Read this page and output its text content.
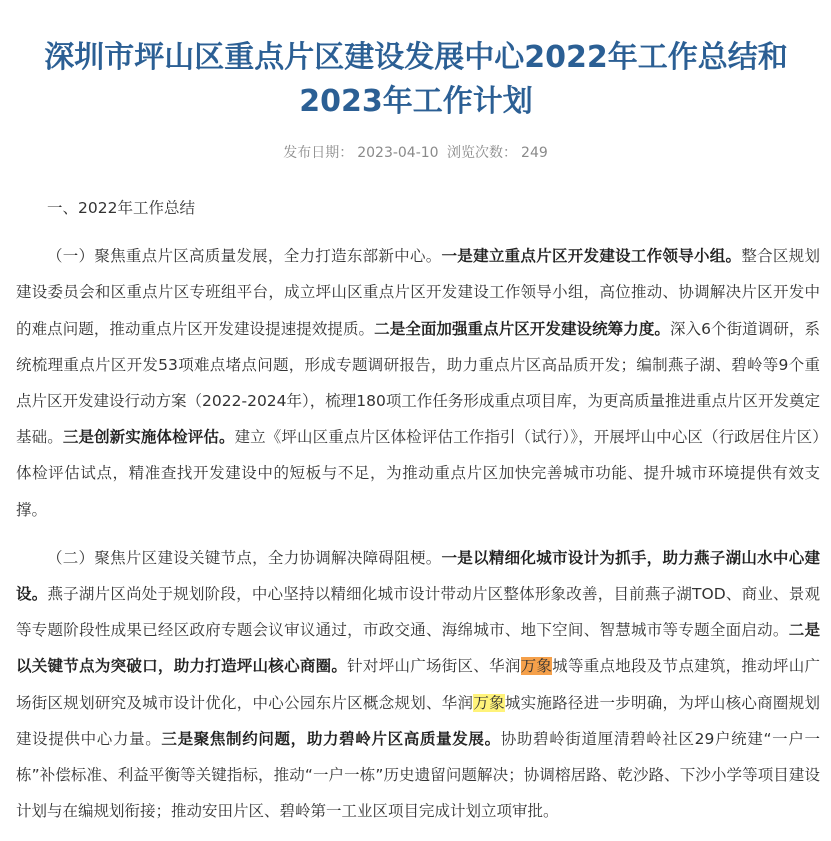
深圳市坪山区重点片区建设发展中心2022年工作总结和2023年工作计划
发布日期： 2023-04-10 浏览次数： 249

一、2022年工作总结

（一）聚焦重点片区高质量发展，全力打造东部新中心。一是建立重点片区开发建设工作领导小组。整合区规划建设委员会和区重点片区专班组平台，成立坪山区重点片区开发建设工作领导小组，高位推动、协调解决片区开发中的难点问题，推动重点片区开发建设提速提效提质。二是全面加强重点片区开发建设统筹力度。深入6个街道调研，系统梳理重点片区开发53项难点堵点问题，形成专题调研报告，助力重点片区高品质开发；编制燕子湖、碧岭等9个重点片区开发建设行动方案（2022-2024年），梳理180项工作任务形成重点项目库，为更高质量推进重点片区开发奠定基础。三是创新实施体检评估。建立《坪山区重点片区体检评估工作指引（试行）》，开展坪山中心区（行政居住片区）体检评估试点，精准查找开发建设中的短板与不足，为推动重点片区加快完善城市功能、提升城市环境提供有效支撑。

（二）聚焦片区建设关键节点，全力协调解决障碍阻梗。一是以精细化城市设计为抓手，助力燕子湖山水中心建设。燕子湖片区尚处于规划阶段，中心坚持以精细化城市设计带动片区整体形象改善，目前燕子湖TOD、商业、景观等专题阶段性成果已经区政府专题会议审议通过，市政交通、海绵城市、地下空间、智慧城市等专题全面启动。二是以关键节点为突破口，助力打造坪山核心商圈。针对坪山广场街区、华润万象城等重点地段及节点建筑，推动坪山广场街区规划研究及城市设计优化，中心公园东片区概念规划、华润万象城实施路径进一步明确，为坪山核心商圈规划建设提供中心力量。三是聚焦制约问题，助力碧岭片区高质量发展。协助碧岭街道厘清碧岭社区29户统建“一户一栋”补偿标准、利益平衡等关键指标，推动“一户一栋”历史遗留问题解决；协调榕居路、乾沙路、下沙小学等项目建设计划与在编规划衔接；推动安田片区、碧岭第一工业区项目完成计划立项审批。
